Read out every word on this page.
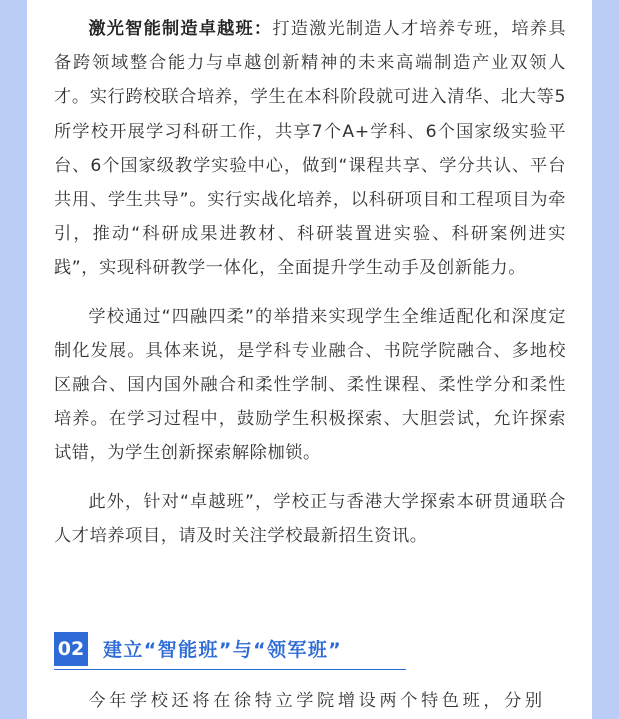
激光智能制造卓越班：打造激光制造人才培养专班，培养具备跨领域整合能力与卓越创新精神的未来高端制造产业双领人才。实行跨校联合培养，学生在本科阶段就可进入清华、北大等5所学校开展学习科研工作，共享7个A+学科、6个国家级实验平台、6个国家级教学实验中心，做到“课程共享、学分共认、平台共用、学生共导”。实行实战化培养，以科研项目和工程项目为牵引，推动“科研成果进教材、科研装置进实验、科研案例进实践”，实现科研教学一体化，全面提升学生动手及创新能力。

学校通过“四融四柔”的举措来实现学生全维适配化和深度定制化发展。具体来说，是学科专业融合、书院学院融合、多地校区融合、国内国外融合和柔性学制、柔性课程、柔性学分和柔性培养。在学习过程中，鼓励学生积极探索、大胆尝试，允许探索试错，为学生创新探索解除枷锁。

此外，针对“卓越班”，学校正与香港大学探索本研贯通联合人才培养项目，请及时关注学校最新招生资讯。

02 建立“智能班”与“领军班”
今年学校还将在徐特立学院增设两个特色班，分别
